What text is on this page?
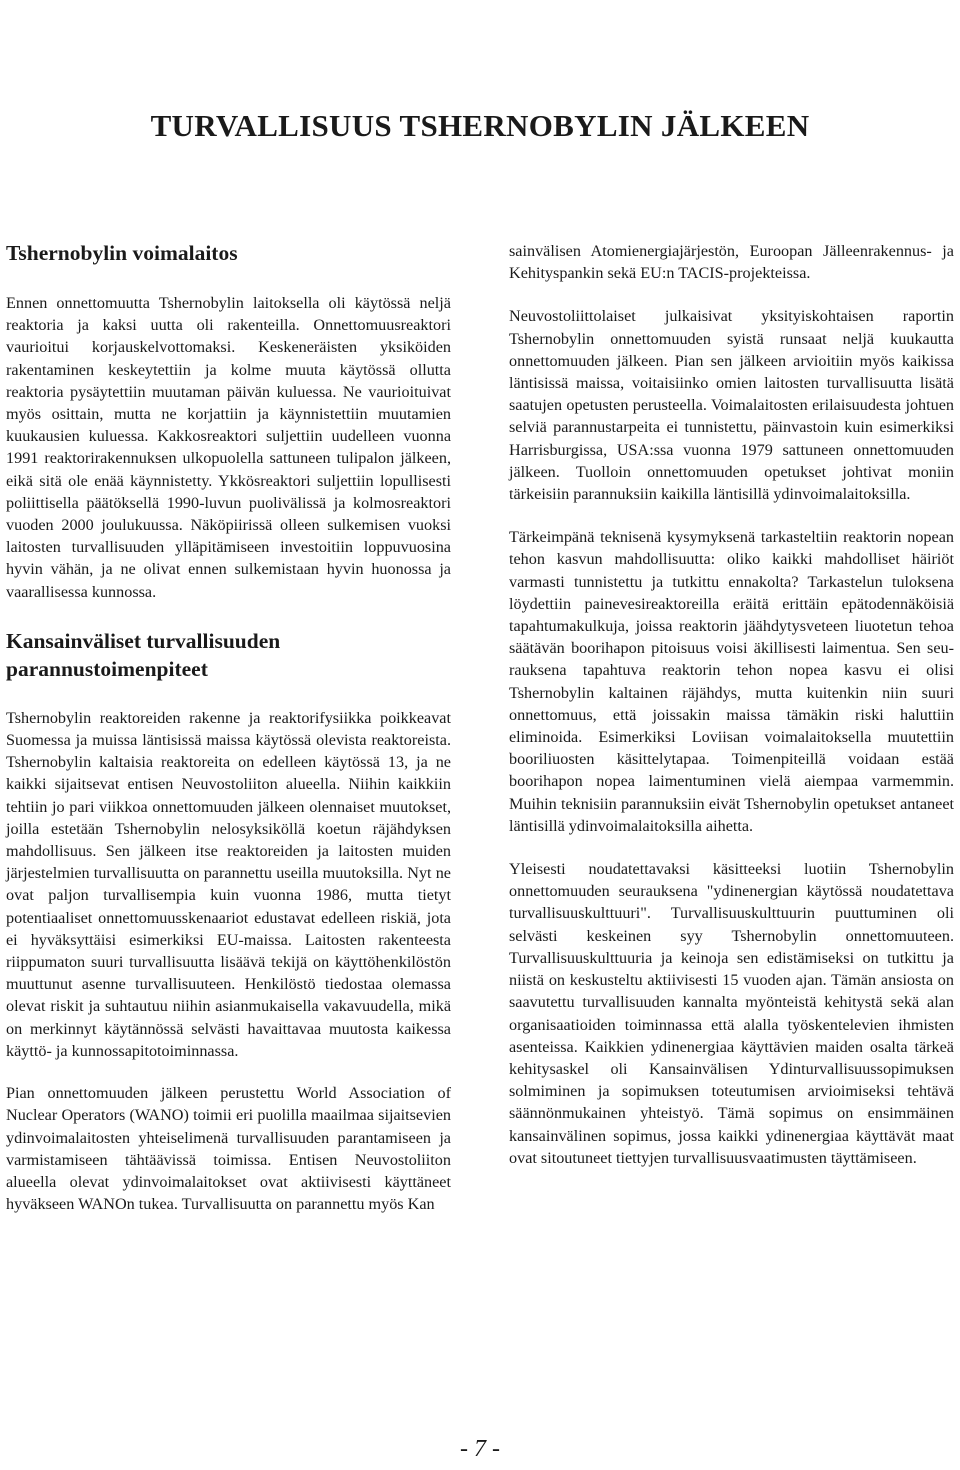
TURVALLISUUS TSHERNOBYLIN JÄLKEEN
Tshernobylin voimalaitos

Ennen onnettomuutta Tshernobylin laitoksella oli käytössä neljä reaktoria ja kaksi uutta oli rakenteilla. Onnettomuusreaktori vaurioitui korjauskelvottomaksi. Keskeneräisten yksiköiden rakentaminen keskeytettiin ja kolme muuta käytössä ollutta reaktoria pysäytettiin muutaman päivän kuluessa. Ne vaurioituivat myös osittain, mutta ne korjattiin ja käynnistettiin muutamien kuukausien kuluessa. Kakkosreaktori suljettiin uudelleen vuonna 1991 reaktorirakennuksen ulkopuolella sattuneen tulipalon jälkeen, eikä sitä ole enää käynnistetty. Ykkösreaktori suljettiin lopullisesti poliittisella päätöksellä 1990-luvun puolivälissä ja kolmosreaktori vuoden 2000 joulukuussa. Näköpiirissä olleen sulkemisen vuoksi laitosten turvallisuuden ylläpitämiseen investoitiin loppuvuosina hyvin vähän, ja ne olivat ennen sulkemistaan hyvin huonossa ja vaarallisessa kunnossa.

Kansainväliset turvallisuuden
parannustoimenpiteet

Tshernobylin reaktoreiden rakenne ja reaktorifysiikka poikkeavat Suomessa ja muissa läntisissä maissa käytössä olevista reaktoreista. Tshernobylin kaltaisia reaktoreita on edelleen käytössä 13, ja ne kaikki sijaitsevat entisen Neuvostoliiton alueella. Niihin kaikkiin tehtiin jo pari viikkoa onnettomuuden jälkeen olennaiset muutokset, joilla estetään Tshernobylin nelosyksiköllä koetun räjähdyksen mahdollisuus. Sen jälkeen itse reaktoreiden ja laitosten muiden järjestelmien turvallisuutta on parannettu useilla muutoksilla. Nyt ne ovat paljon turvallisempia kuin vuonna 1986, mutta tietyt potentiaaliset onnettomuusskenaariot edustavat edelleen riskiä, jota ei hyväksyttäisi esimerkiksi EU-maissa. Laitosten rakenteesta riippumaton suuri turvallisuutta lisäävä tekijä on käyttöhenkilöstön muuttunut asenne turvallisuuteen. Henkilöstö tiedostaa olemassa olevat riskit ja suhtautuu niihin asianmukaisella vakavuudella, mikä on merkinnyt käytännössä selvästi havaittavaa muutosta kaikessa käyttö- ja kunnossapitotoiminnassa.

Pian onnettomuuden jälkeen perustettu World Association of Nuclear Operators (WANO) toimii eri puolilla maailmaa sijaitsevien ydinvoimalaitosten yhteiselimenä turvallisuuden parantamiseen ja varmistamiseen tähtäävissä toimissa. Entisen Neuvostoliiton alueella olevat ydinvoimalaitokset ovat aktiivisesti käyttäneet hyväkseen WANOn tukea. Turvallisuutta on parannettu myös Kan

sainvälisen Atomienergiajärjestön, Euroopan Jälleenrakennus- ja Kehityspankin sekä EU:n TACIS-projekteissa.

Neuvostoliittolaiset julkaisivat yksityiskohtaisen raportin Tshernobylin onnettomuuden syistä runsaat neljä kuukautta onnettomuuden jälkeen. Pian sen jälkeen arvioitiin myös kaikissa läntisissä maissa, voitaisiinko omien laitosten turvallisuutta lisätä saatujen opetusten perusteella. Voimalaitosten erilaisuudesta johtuen selviä parannustarpeita ei tunnistettu, päinvastoin kuin esimerkiksi Harrisburgissa, USA:ssa vuonna 1979 sattuneen onnettomuuden jälkeen. Tuolloin onnettomuuden opetukset johtivat moniin tärkeisiin parannuksiin kaikilla läntisillä ydinvoimalaitoksilla.

Tärkeimpänä teknisenä kysymyksenä tarkasteltiin reaktorin nopean tehon kasvun mahdollisuutta: oliko kaikki mahdolliset häiriöt varmasti tunnistettu ja tutkittu ennakolta? Tarkastelun tuloksena löydettiin painevesireaktoreilla eräitä erittäin epätodennäköisiä tapahtumakulkuja, joissa reaktorin jäähdytysveteen liuotetun tehoa säätävän boorihapon pitoisuus voisi äkillisesti laimentua. Sen seurauksena tapahtuva reaktorin tehon nopea kasvu ei olisi Tshernobylin kaltainen räjähdys, mutta kuitenkin niin suuri onnettomuus, että joissakin maissa tämäkin riski haluttiin eliminoida. Esimerkiksi Loviisan voimalaitoksella muutettiin booriliuosten käsittelytapaa. Toimenpiteillä voidaan estää boorihapon nopea laimentuminen vielä aiempaa varmemmin. Muihin teknisiin parannuksiin eivät Tshernobylin opetukset antaneet läntisillä ydinvoimalaitoksilla aihetta.

Yleisesti noudatettavaksi käsitteeksi luotiin Tshernobylin onnettomuuden seurauksena "ydinenergian käytössä noudatettava turvallisuuskulttuuri". Turvallisuuskulttuurin puuttuminen oli selvästi keskeinen syy Tshernobylin onnettomuuteen. Turvallisuuskulttuuria ja keinoja sen edistämiseksi on tutkittu ja niistä on keskusteltu aktiivisesti 15 vuoden ajan. Tämän ansiosta on saavutettu turvallisuuden kannalta myönteistä kehitystä sekä alan organisaatioiden toiminnassa että alalla työskentelevien ihmisten asenteissa. Kaikkien ydinenergiaa käyttävien maiden osalta tärkeä kehitysaskel oli Kansainvälisen Ydinturvallisuussopimuksen solmiminen ja sopimuksen toteutumisen arvioimiseksi tehtävä säännönmukainen yhteistyö. Tämä sopimus on ensimmäinen kansainvälinen sopimus, jossa kaikki ydinenergiaa käyttävät maat ovat sitoutuneet tiettyjen turvallisuusvaatimusten täyttämiseen.

- 7 -
